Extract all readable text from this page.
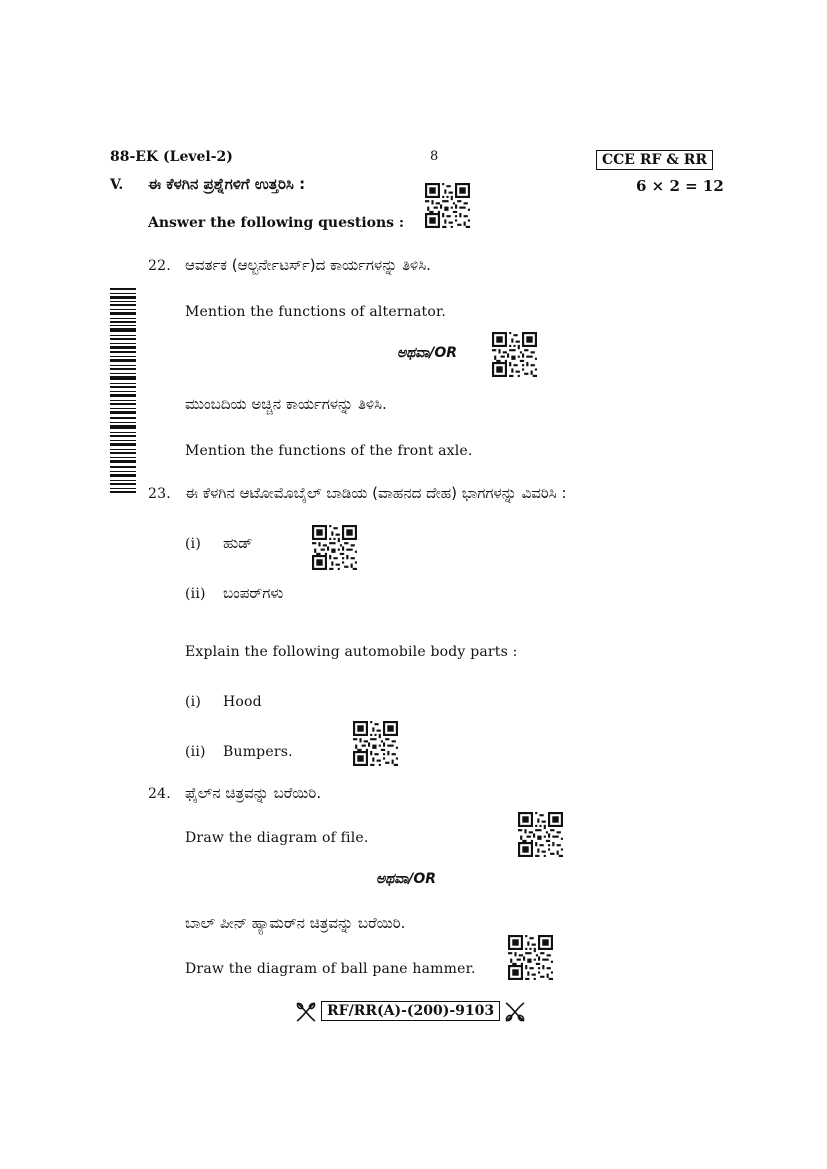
88-EK (Level-2)	8	CCE RF & RR
V. ಈ ಕೆಳಗಿನ ಪ್ರಶ್ನೆಗಳಿಗೆ ಉತ್ತರಿಸಿ :	6 × 2 = 12
Answer the following questions :
22. ಆವರ್ತಕ (ಆಲ್ಟರ್ನೇಟರ್ಸ್)ದ ಕಾರ್ಯಗಳನ್ನು ತಿಳಿಸಿ.
Mention the functions of alternator.
ಅಥವಾ/OR
ಮುಂಬದಿಯ ಅಚ್ಚಿನ ಕಾರ್ಯಗಳನ್ನು ತಿಳಿಸಿ.
Mention the functions of the front axle.
23. ಈ ಕೆಳಗಿನ ಆಟೋಮೊಬೈಲ್ ಬಾಡಿಯ (ವಾಹನದ ದೇಹ) ಭಾಗಗಳನ್ನು ವಿವರಿಸಿ :
(i) ಹುಡ್
(ii) ಬಂಪರ್‌ಗಳು
Explain the following automobile body parts :
(i) Hood
(ii) Bumpers.
24. ಫೈಲ್‌ನ ಚಿತ್ರವನ್ನು ಬರೆಯಿರಿ.
Draw the diagram of file.
ಅಥವಾ/OR
ಬಾಲ್ ಪೀನ್ ಹ್ಯಾಮರ್‌ನ ಚಿತ್ರವನ್ನು ಬರೆಯಿರಿ.
Draw the diagram of ball pane hammer.
RF/RR(A)-(200)-9103
